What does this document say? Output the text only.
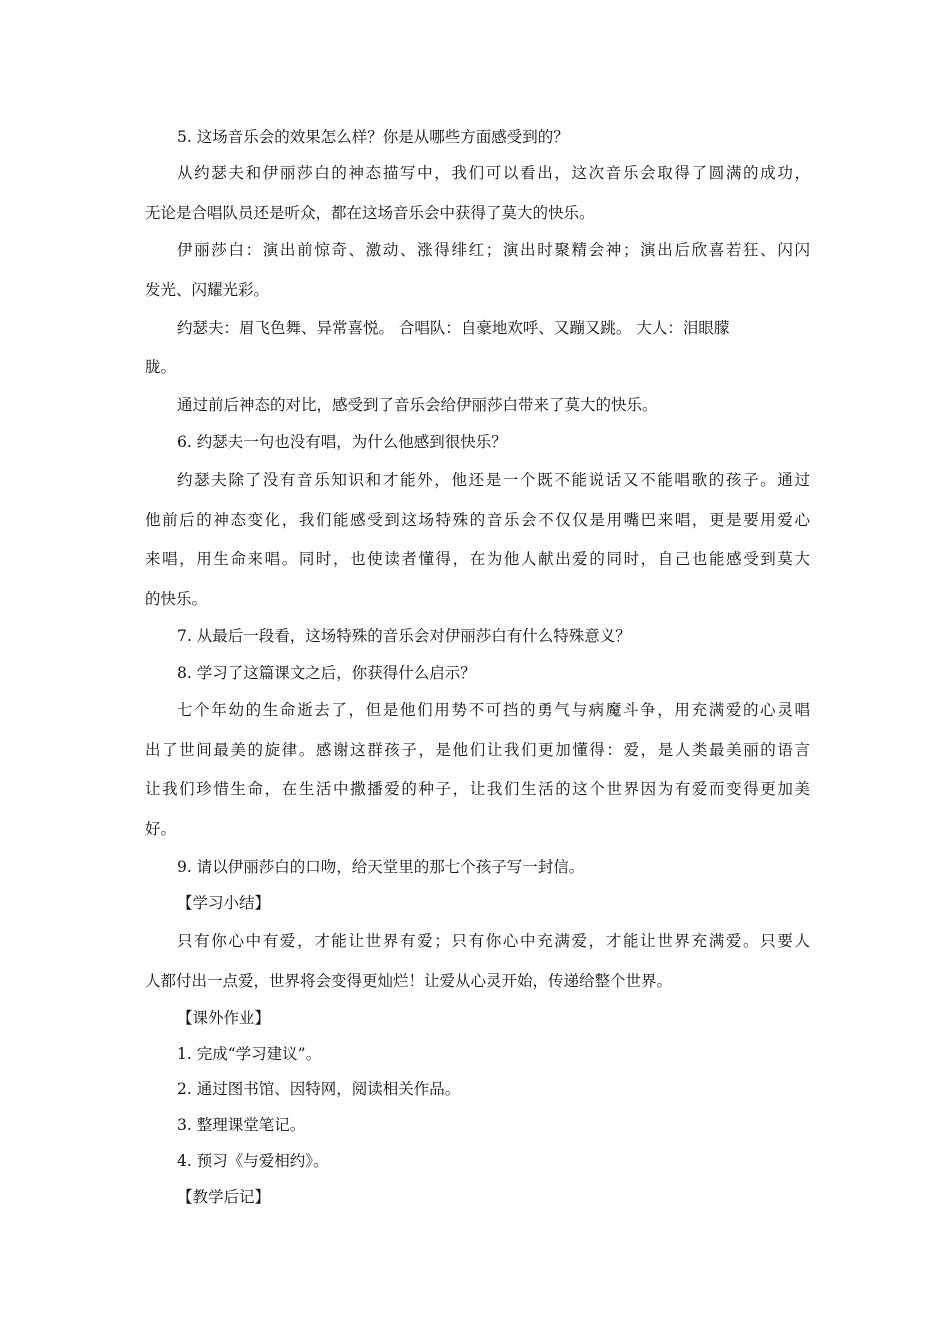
5. 这场音乐会的效果怎么样？你是从哪些方面感受到的？
从约瑟夫和伊丽莎白的神态描写中，我们可以看出，这次音乐会取得了圆满的成功，
无论是合唱队员还是听众，都在这场音乐会中获得了莫大的快乐。
伊丽莎白：演出前惊奇、激动、涨得绯红；演出时聚精会神；演出后欣喜若狂、闪闪
发光、闪耀光彩。
约瑟夫：眉飞色舞、异常喜悦。 合唱队：自豪地欢呼、又蹦又跳。 大人：泪眼朦
胧。
通过前后神态的对比，感受到了音乐会给伊丽莎白带来了莫大的快乐。
6. 约瑟夫一句也没有唱，为什么他感到很快乐？
约瑟夫除了没有音乐知识和才能外，他还是一个既不能说话又不能唱歌的孩子。通过
他前后的神态变化，我们能感受到这场特殊的音乐会不仅仅是用嘴巴来唱，更是要用爱心
来唱，用生命来唱。同时，也使读者懂得，在为他人献出爱的同时，自己也能感受到莫大
的快乐。
7. 从最后一段看，这场特殊的音乐会对伊丽莎白有什么特殊意义？
8. 学习了这篇课文之后，你获得什么启示？
七个年幼的生命逝去了，但是他们用势不可挡的勇气与病魔斗争，用充满爱的心灵唱
出了世间最美的旋律。感谢这群孩子，是他们让我们更加懂得：爱，是人类最美丽的语言
让我们珍惜生命，在生活中撒播爱的种子，让我们生活的这个世界因为有爱而变得更加美
好。
9. 请以伊丽莎白的口吻，给天堂里的那七个孩子写一封信。
【学习小结】
只有你心中有爱，才能让世界有爱；只有你心中充满爱，才能让世界充满爱。只要人
人都付出一点爱，世界将会变得更灿烂！让爱从心灵开始，传递给整个世界。
【课外作业】
1. 完成“学习建议”。
2. 通过图书馆、因特网，阅读相关作品。
3. 整理课堂笔记。
4. 预习《与爱相约》。
【教学后记】
